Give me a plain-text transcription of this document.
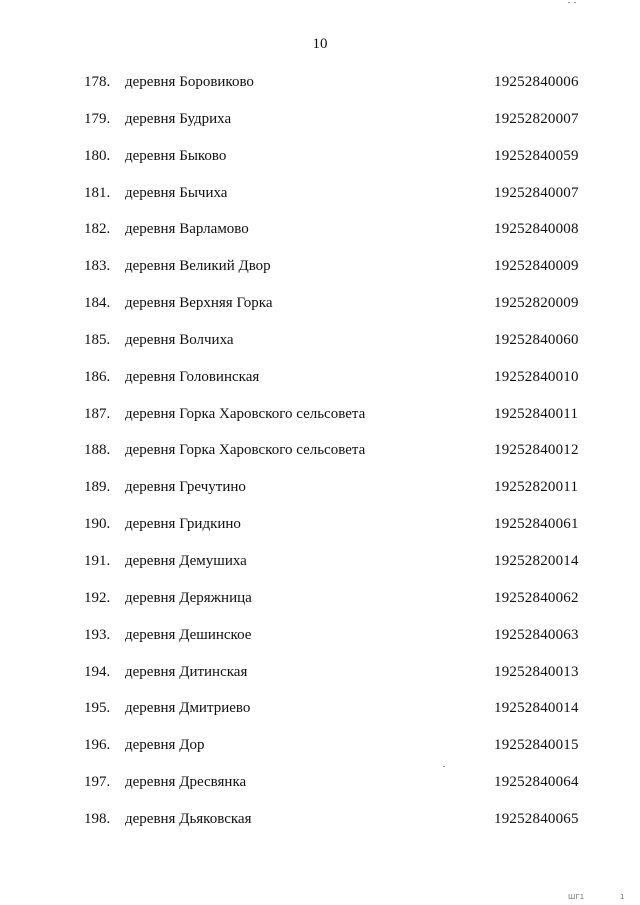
10
178. деревня Боровиково	19252840006
179. деревня Будриха	19252820007
180. деревня Быково	19252840059
181. деревня Бычиха	19252840007
182. деревня Варламово	19252840008
183. деревня Великий Двор	19252840009
184. деревня Верхняя Горка	19252820009
185. деревня Волчиха	19252840060
186. деревня Головинская	19252840010
187. деревня Горка Харовского сельсовета	19252840011
188. деревня Горка Харовского сельсовета	19252840012
189. деревня Гречутино	19252820011
190. деревня Гридкино	19252840061
191. деревня Демушиха	19252820014
192. деревня Деряжница	19252840062
193. деревня Дешинское	19252840063
194. деревня Дитинская	19252840013
195. деревня Дмитриево	19252840014
196. деревня Дор	19252840015
197. деревня Дресвянка	19252840064
198. деревня Дьяковская	19252840065
ШГ1	1
